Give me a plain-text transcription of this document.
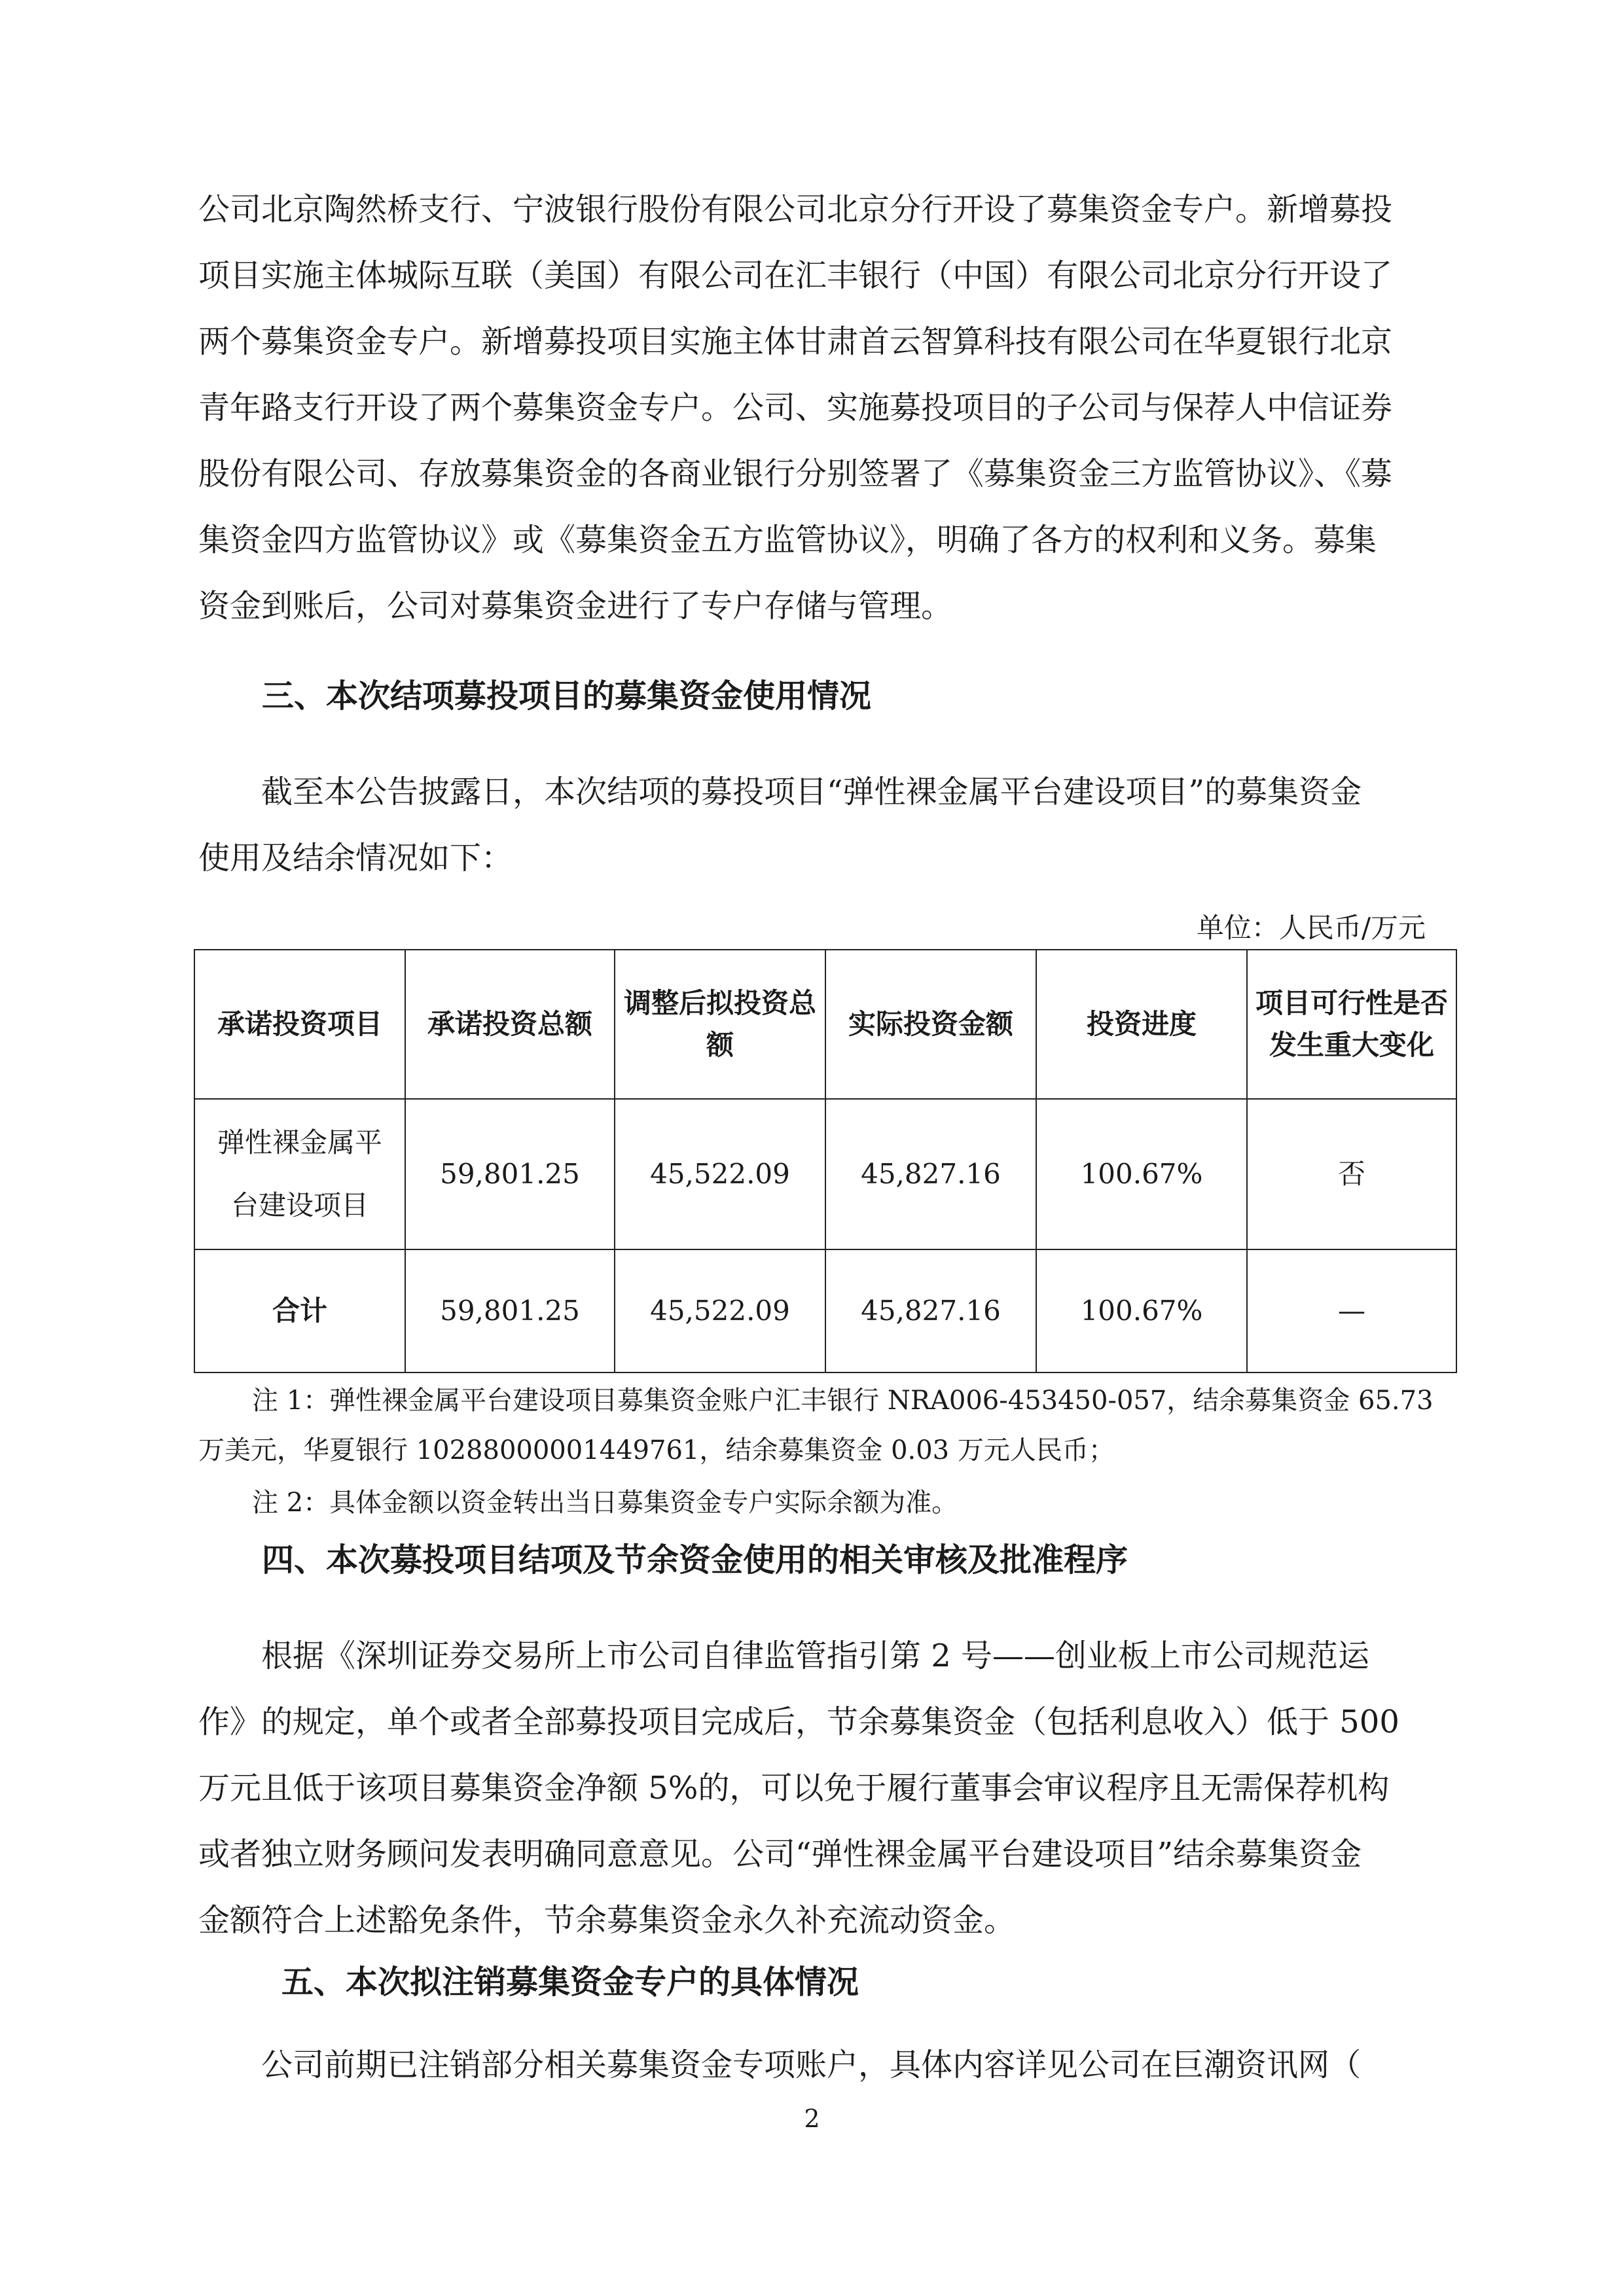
公司北京陶然桥支行、宁波银行股份有限公司北京分行开设了募集资金专户。新增募投
项目实施主体城际互联（美国）有限公司在汇丰银行（中国）有限公司北京分行开设了
两个募集资金专户。新增募投项目实施主体甘肃首云智算科技有限公司在华夏银行北京
青年路支行开设了两个募集资金专户。公司、实施募投项目的子公司与保荐人中信证券
股份有限公司、存放募集资金的各商业银行分别签署了《募集资金三方监管协议》、《募
集资金四方监管协议》或《募集资金五方监管协议》，明确了各方的权利和义务。募集
资金到账后，公司对募集资金进行了专户存储与管理。
三、本次结项募投项目的募集资金使用情况
截至本公告披露日，本次结项的募投项目“弹性裸金属平台建设项目”的募集资金
使用及结余情况如下：
单位：人民币/万元
承诺投资项目	承诺投资总额	调整后拟投资总额	实际投资金额	投资进度	项目可行性是否发生重大变化
弹性裸金属平台建设项目	59,801.25	45,522.09	45,827.16	100.67%	否
合计	59,801.25	45,522.09	45,827.16	100.67%	—

注 1：弹性裸金属平台建设项目募集资金账户汇丰银行 NRA006-453450-057，结余募集资金 65.73

万美元，华夏银行 10288000001449761，结余募集资金 0.03 万元人民币；

注 2：具体金额以资金转出当日募集资金专户实际余额为准。

四、本次募投项目结项及节余资金使用的相关审核及批准程序
根据《深圳证券交易所上市公司自律监管指引第 2 号——创业板上市公司规范运
作》的规定，单个或者全部募投项目完成后，节余募集资金（包括利息收入）低于 500
万元且低于该项目募集资金净额 5%的，可以免于履行董事会审议程序且无需保荐机构
或者独立财务顾问发表明确同意意见。公司“弹性裸金属平台建设项目”结余募集资金
金额符合上述豁免条件，节余募集资金永久补充流动资金。
五、本次拟注销募集资金专户的具体情况
公司前期已注销部分相关募集资金专项账户，具体内容详见公司在巨潮资讯网（
2
